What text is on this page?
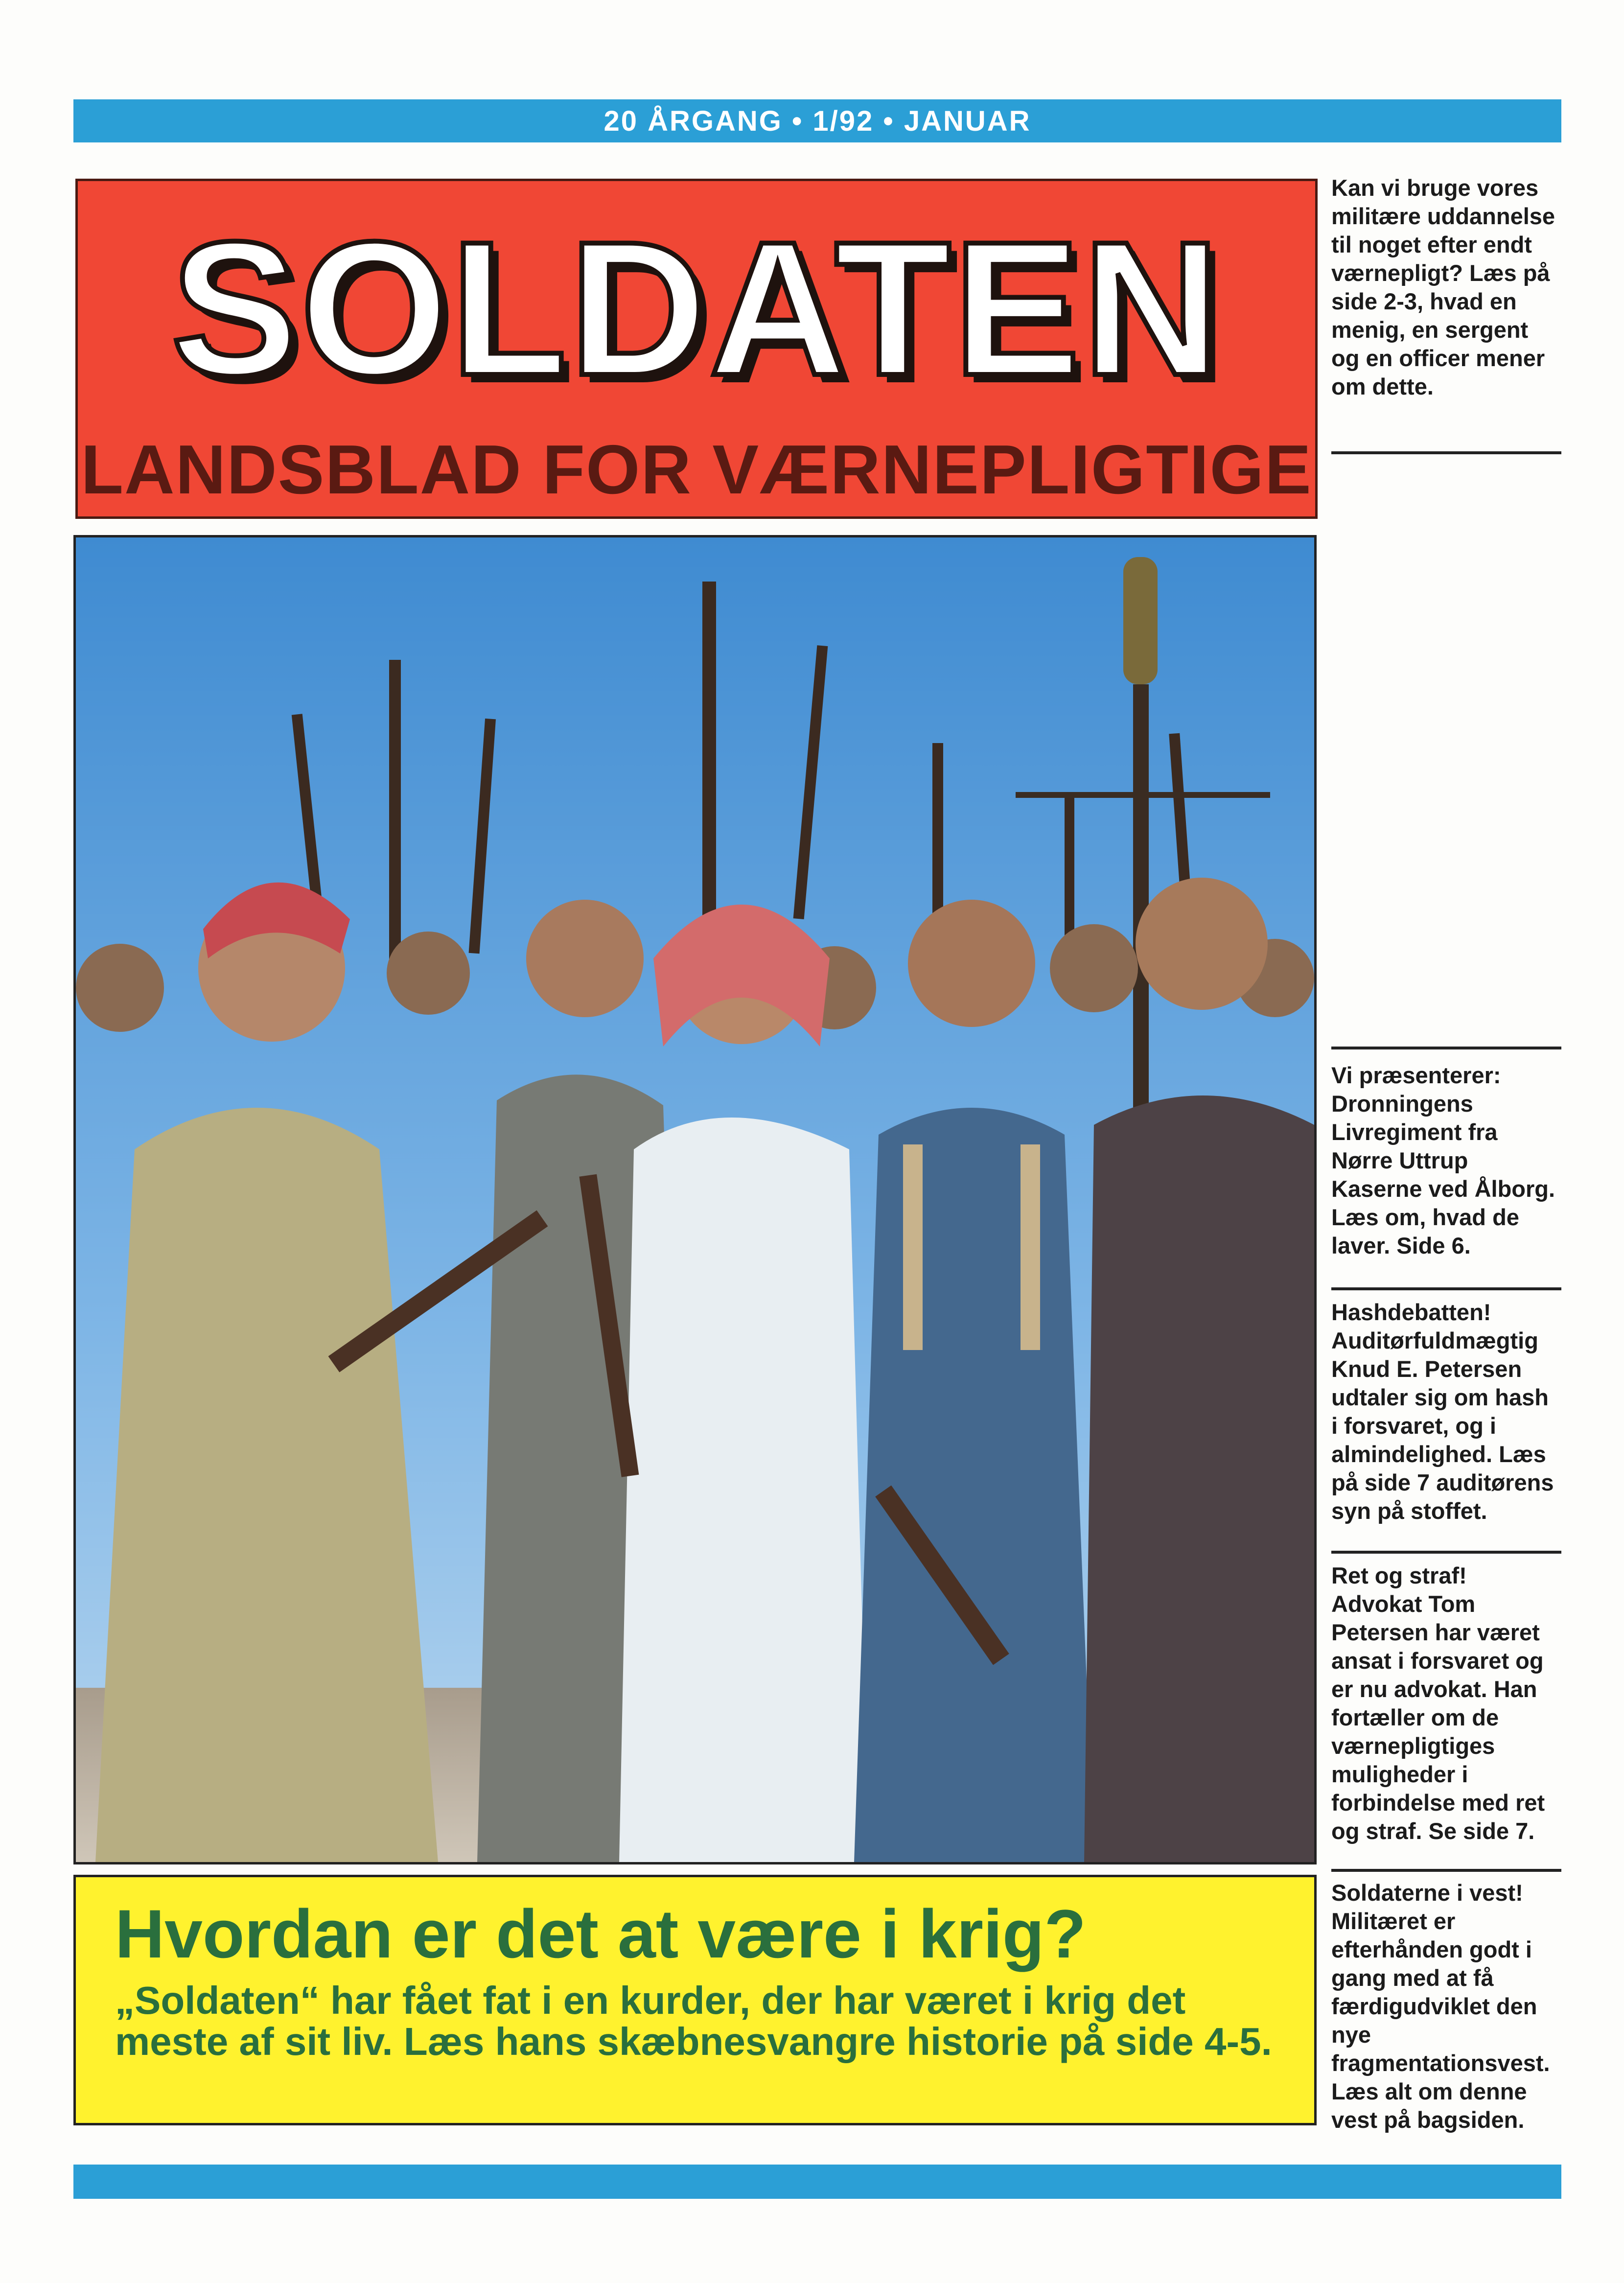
20 ÅRGANG • 1/92 • JANUAR
SOLDATEN
LANDSBLAD FOR VÆRNEPLIGTIGE
Kan vi bruge vores militære uddannelse til noget efter endt værnepligt? Læs på side 2-3, hvad en menig, en sergent og en officer mener om dette.
Vi præsenterer: Dronningens Livregiment fra Nørre Uttrup Kaserne ved Ålborg. Læs om, hvad de laver. Side 6.
Hashdebatten! Auditørfuldmægtig Knud E. Petersen udtaler sig om hash i forsvaret, og i almindelighed. Læs på side 7 auditørens syn på stoffet.
Ret og straf! Advokat Tom Petersen har været ansat i forsvaret og er nu advokat. Han fortæller om de værnepligtiges muligheder i forbindelse med ret og straf. Se side 7.
Soldaterne i vest! Militæret er efterhånden godt i gang med at få færdigudviklet den nye fragmentationsvest. Læs alt om denne vest på bagsiden.
Hvordan er det at være i krig?
„Soldaten“ har fået fat i en kurder, der har været i krig det meste af sit liv. Læs hans skæbnesvangre historie på side 4-5.
